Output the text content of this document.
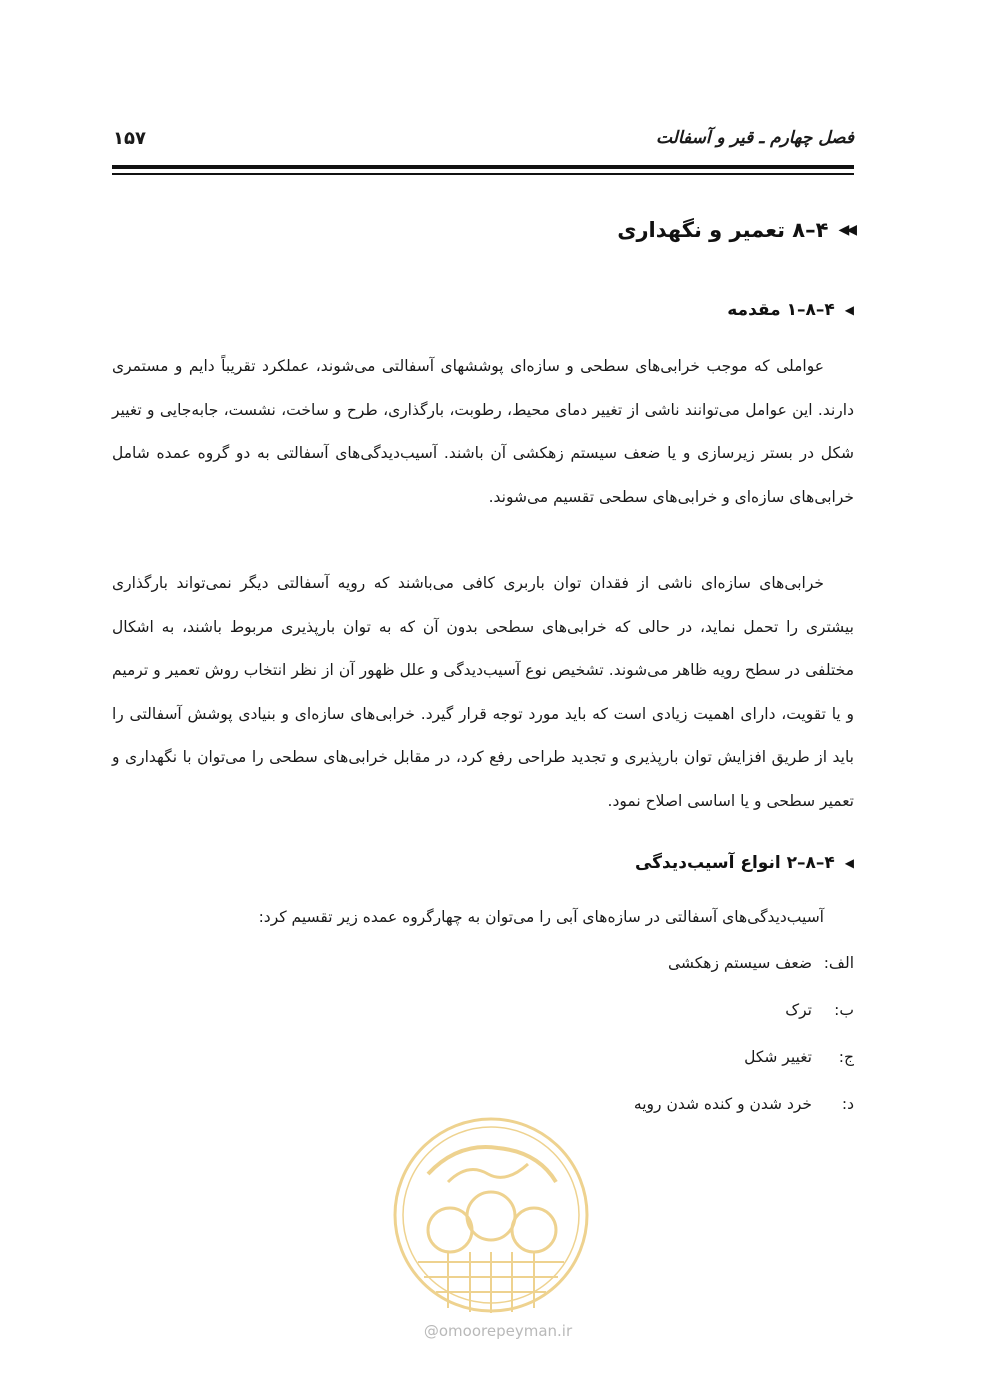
فصل چهارم ـ قیر و آسفالت
۱۵۷
◀◀
۴–۸ تعمیر و نگهداری
◀
۴–۸–۱ مقدمه

عواملی که موجب خرابی‌های سطحی و سازه‌ای پوششهای آسفالتی می‌شوند، عملکرد تقریباً دایم و مستمری دارند. این عوامل می‌توانند ناشی از تغییر دمای محیط، رطوبت، بارگذاری، طرح و ساخت، نشست، جابه‌جایی و تغییر شکل در بستر زیرسازی و یا ضعف سیستم زهکشی آن باشند. آسیب‌دیدگی‌های آسفالتی به دو گروه عمده شامل خرابی‌های سازه‌ای و خرابی‌های سطحی تقسیم می‌شوند.

خرابی‌های سازه‌ای ناشی از فقدان توان باربری کافی می‌باشند که رویه آسفالتی دیگر نمی‌تواند بارگذاری بیشتری را تحمل نماید، در حالی که خرابی‌های سطحی بدون آن که به توان بارپذیری مربوط باشند، به اشکال مختلفی در سطح رویه ظاهر می‌شوند. تشخیص نوع آسیب‌دیدگی و علل ظهور آن از نظر انتخاب روش تعمیر و ترمیم و یا تقویت، دارای اهمیت زیادی است که باید مورد توجه قرار گیرد. خرابی‌های سازه‌ای و بنیادی پوشش آسفالتی را باید از طریق افزایش توان بارپذیری و تجدید طراحی رفع کرد، در مقابل خرابی‌های سطحی را می‌توان با نگهداری و تعمیر سطحی و یا اساسی اصلاح نمود.

◀
۴–۸–۲ انواع آسیب‌دیدگی

آسیب‌دیدگی‌های آسفالتی در سازه‌های آبی را می‌توان به چهارگروه عمده زیر تقسیم کرد:

الف:
ضعف سیستم زهکشی
ب:
ترک
ج:
تغییر شکل
د:
خرد شدن و کنده شدن رویه
@omoorepeyman.ir
